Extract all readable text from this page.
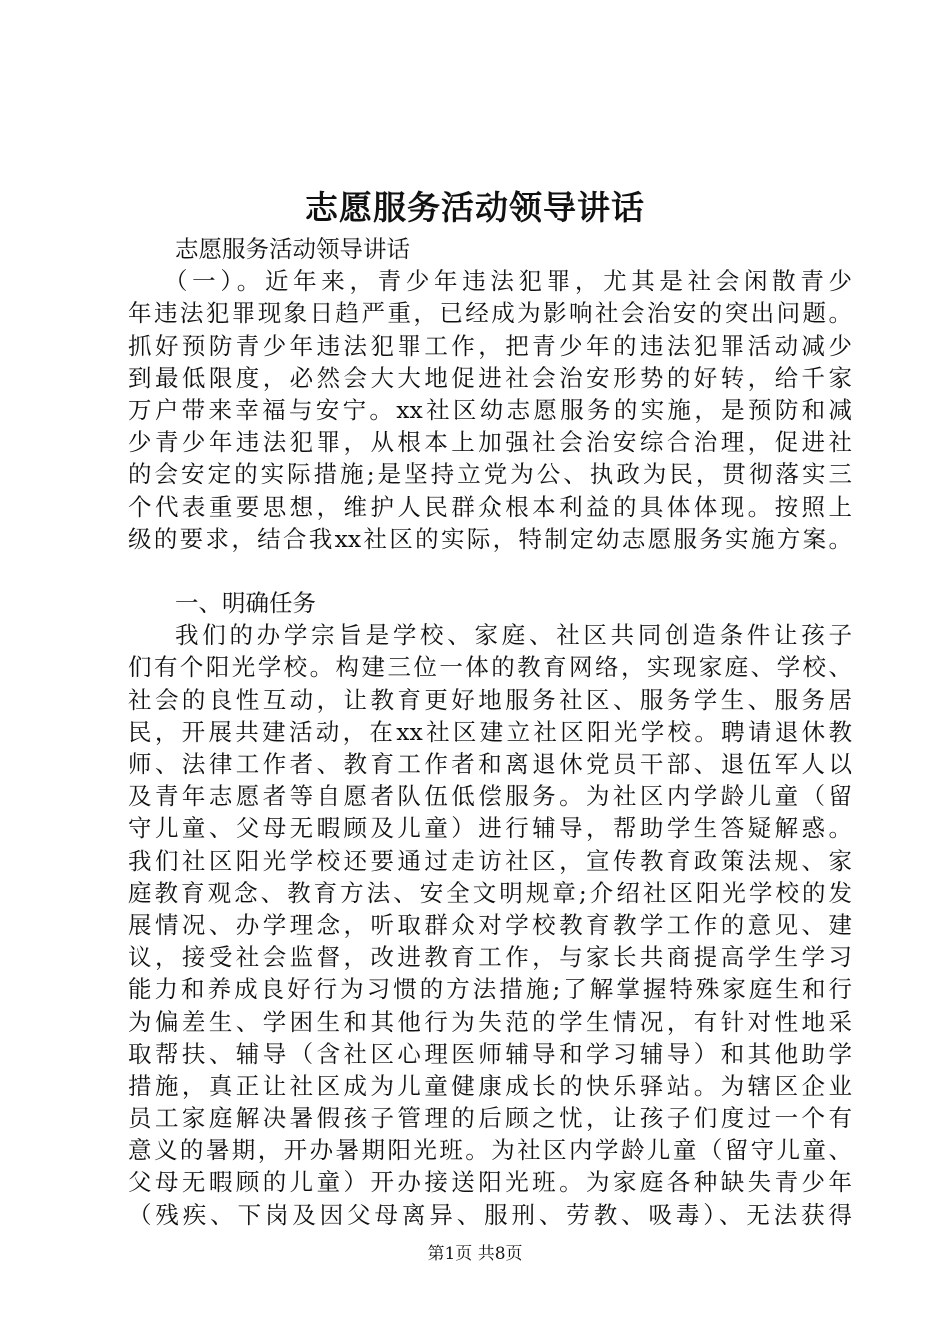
志愿服务活动领导讲话
志愿服务活动领导讲话
（一）。近年来，青少年违法犯罪，尤其是社会闲散青少
年违法犯罪现象日趋严重，已经成为影响社会治安的突出问题。
抓好预防青少年违法犯罪工作，把青少年的违法犯罪活动减少
到最低限度，必然会大大地促进社会治安形势的好转，给千家
万户带来幸福与安宁。xx社区幼志愿服务的实施，是预防和减
少青少年违法犯罪，从根本上加强社会治安综合治理，促进社
的会安定的实际措施;是坚持立党为公、执政为民，贯彻落实三
个代表重要思想，维护人民群众根本利益的具体体现。按照上
级的要求，结合我xx社区的实际，特制定幼志愿服务实施方案。
一、明确任务
我们的办学宗旨是学校、家庭、社区共同创造条件让孩子
们有个阳光学校。构建三位一体的教育网络，实现家庭、学校、
社会的良性互动，让教育更好地服务社区、服务学生、服务居
民，开展共建活动，在xx社区建立社区阳光学校。聘请退休教
师、法律工作者、教育工作者和离退休党员干部、退伍军人以
及青年志愿者等自愿者队伍低偿服务。为社区内学龄儿童（留
守儿童、父母无暇顾及儿童）进行辅导，帮助学生答疑解惑。
我们社区阳光学校还要通过走访社区，宣传教育政策法规、家
庭教育观念、教育方法、安全文明规章;介绍社区阳光学校的发
展情况、办学理念，听取群众对学校教育教学工作的意见、建
议，接受社会监督，改进教育工作，与家长共商提高学生学习
能力和养成良好行为习惯的方法措施;了解掌握特殊家庭生和行
为偏差生、学困生和其他行为失范的学生情况，有针对性地采
取帮扶、辅导（含社区心理医师辅导和学习辅导）和其他助学
措施，真正让社区成为儿童健康成长的快乐驿站。为辖区企业
员工家庭解决暑假孩子管理的后顾之忧，让孩子们度过一个有
意义的暑期，开办暑期阳光班。为社区内学龄儿童（留守儿童、
父母无暇顾的儿童）开办接送阳光班。为家庭各种缺失青少年
（残疾、下岗及因父母离异、服刑、劳教、吸毒）、无法获得
第1页 共8页
